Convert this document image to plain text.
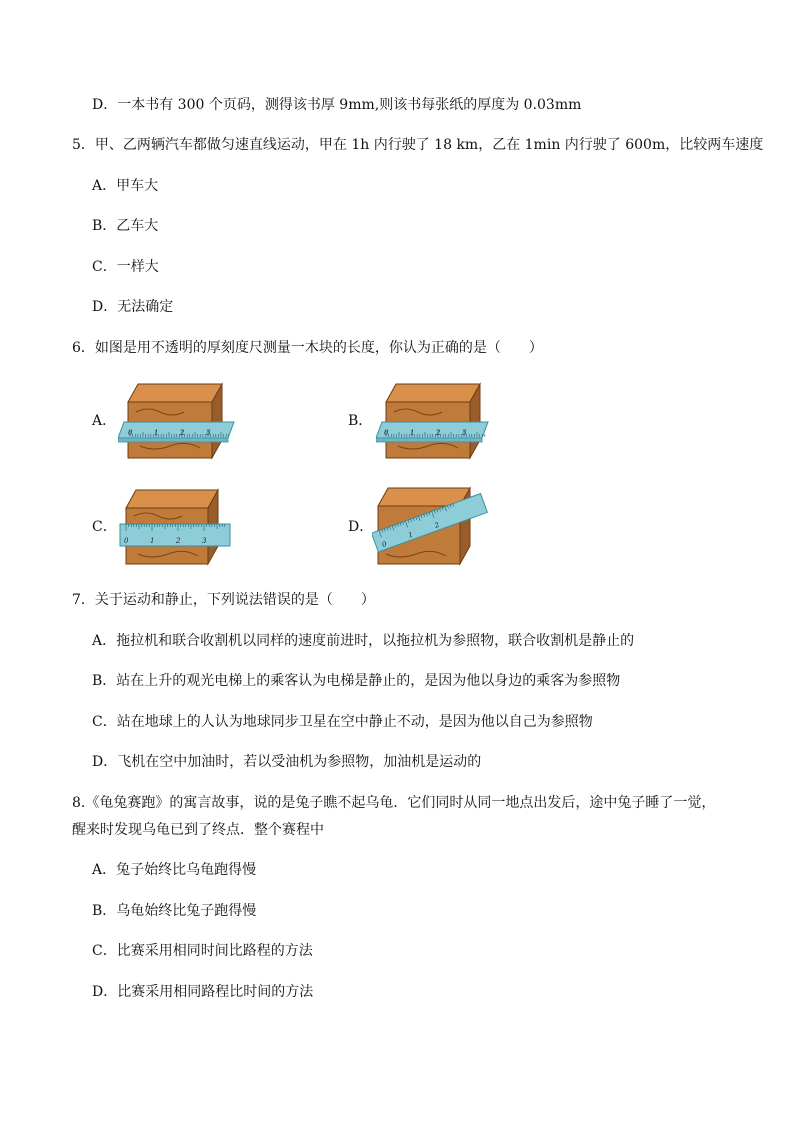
D．一本书有 300 个页码，测得该书厚 9mm,则该书每张纸的厚度为 0.03mm
5．甲、乙两辆汽车都做匀速直线运动，甲在 1h 内行驶了 18 km，乙在 1min 内行驶了 600m，比较两车速度
A．甲车大
B．乙车大
C．一样大
D．无法确定
6．如图是用不透明的厚刻度尺测量一木块的长度，你认为正确的是（　　）
A．
0	1	2	3
B．
0	1	2	3
C．
0	1	2	3
D．
0
1
2
7．关于运动和静止，下列说法错误的是（　　）
A．拖拉机和联合收割机以同样的速度前进时，以拖拉机为参照物，联合收割机是静止的
B．站在上升的观光电梯上的乘客认为电梯是静止的，是因为他以身边的乘客为参照物
C．站在地球上的人认为地球同步卫星在空中静止不动，是因为他以自己为参照物
D．飞机在空中加油时，若以受油机为参照物，加油机是运动的
8.《龟兔赛跑》的寓言故事，说的是兔子瞧不起乌龟．它们同时从同一地点出发后，途中兔子睡了一觉，
醒来时发现乌龟已到了终点．整个赛程中
A．兔子始终比乌龟跑得慢
B．乌龟始终比兔子跑得慢
C．比赛采用相同时间比路程的方法
D．比赛采用相同路程比时间的方法
